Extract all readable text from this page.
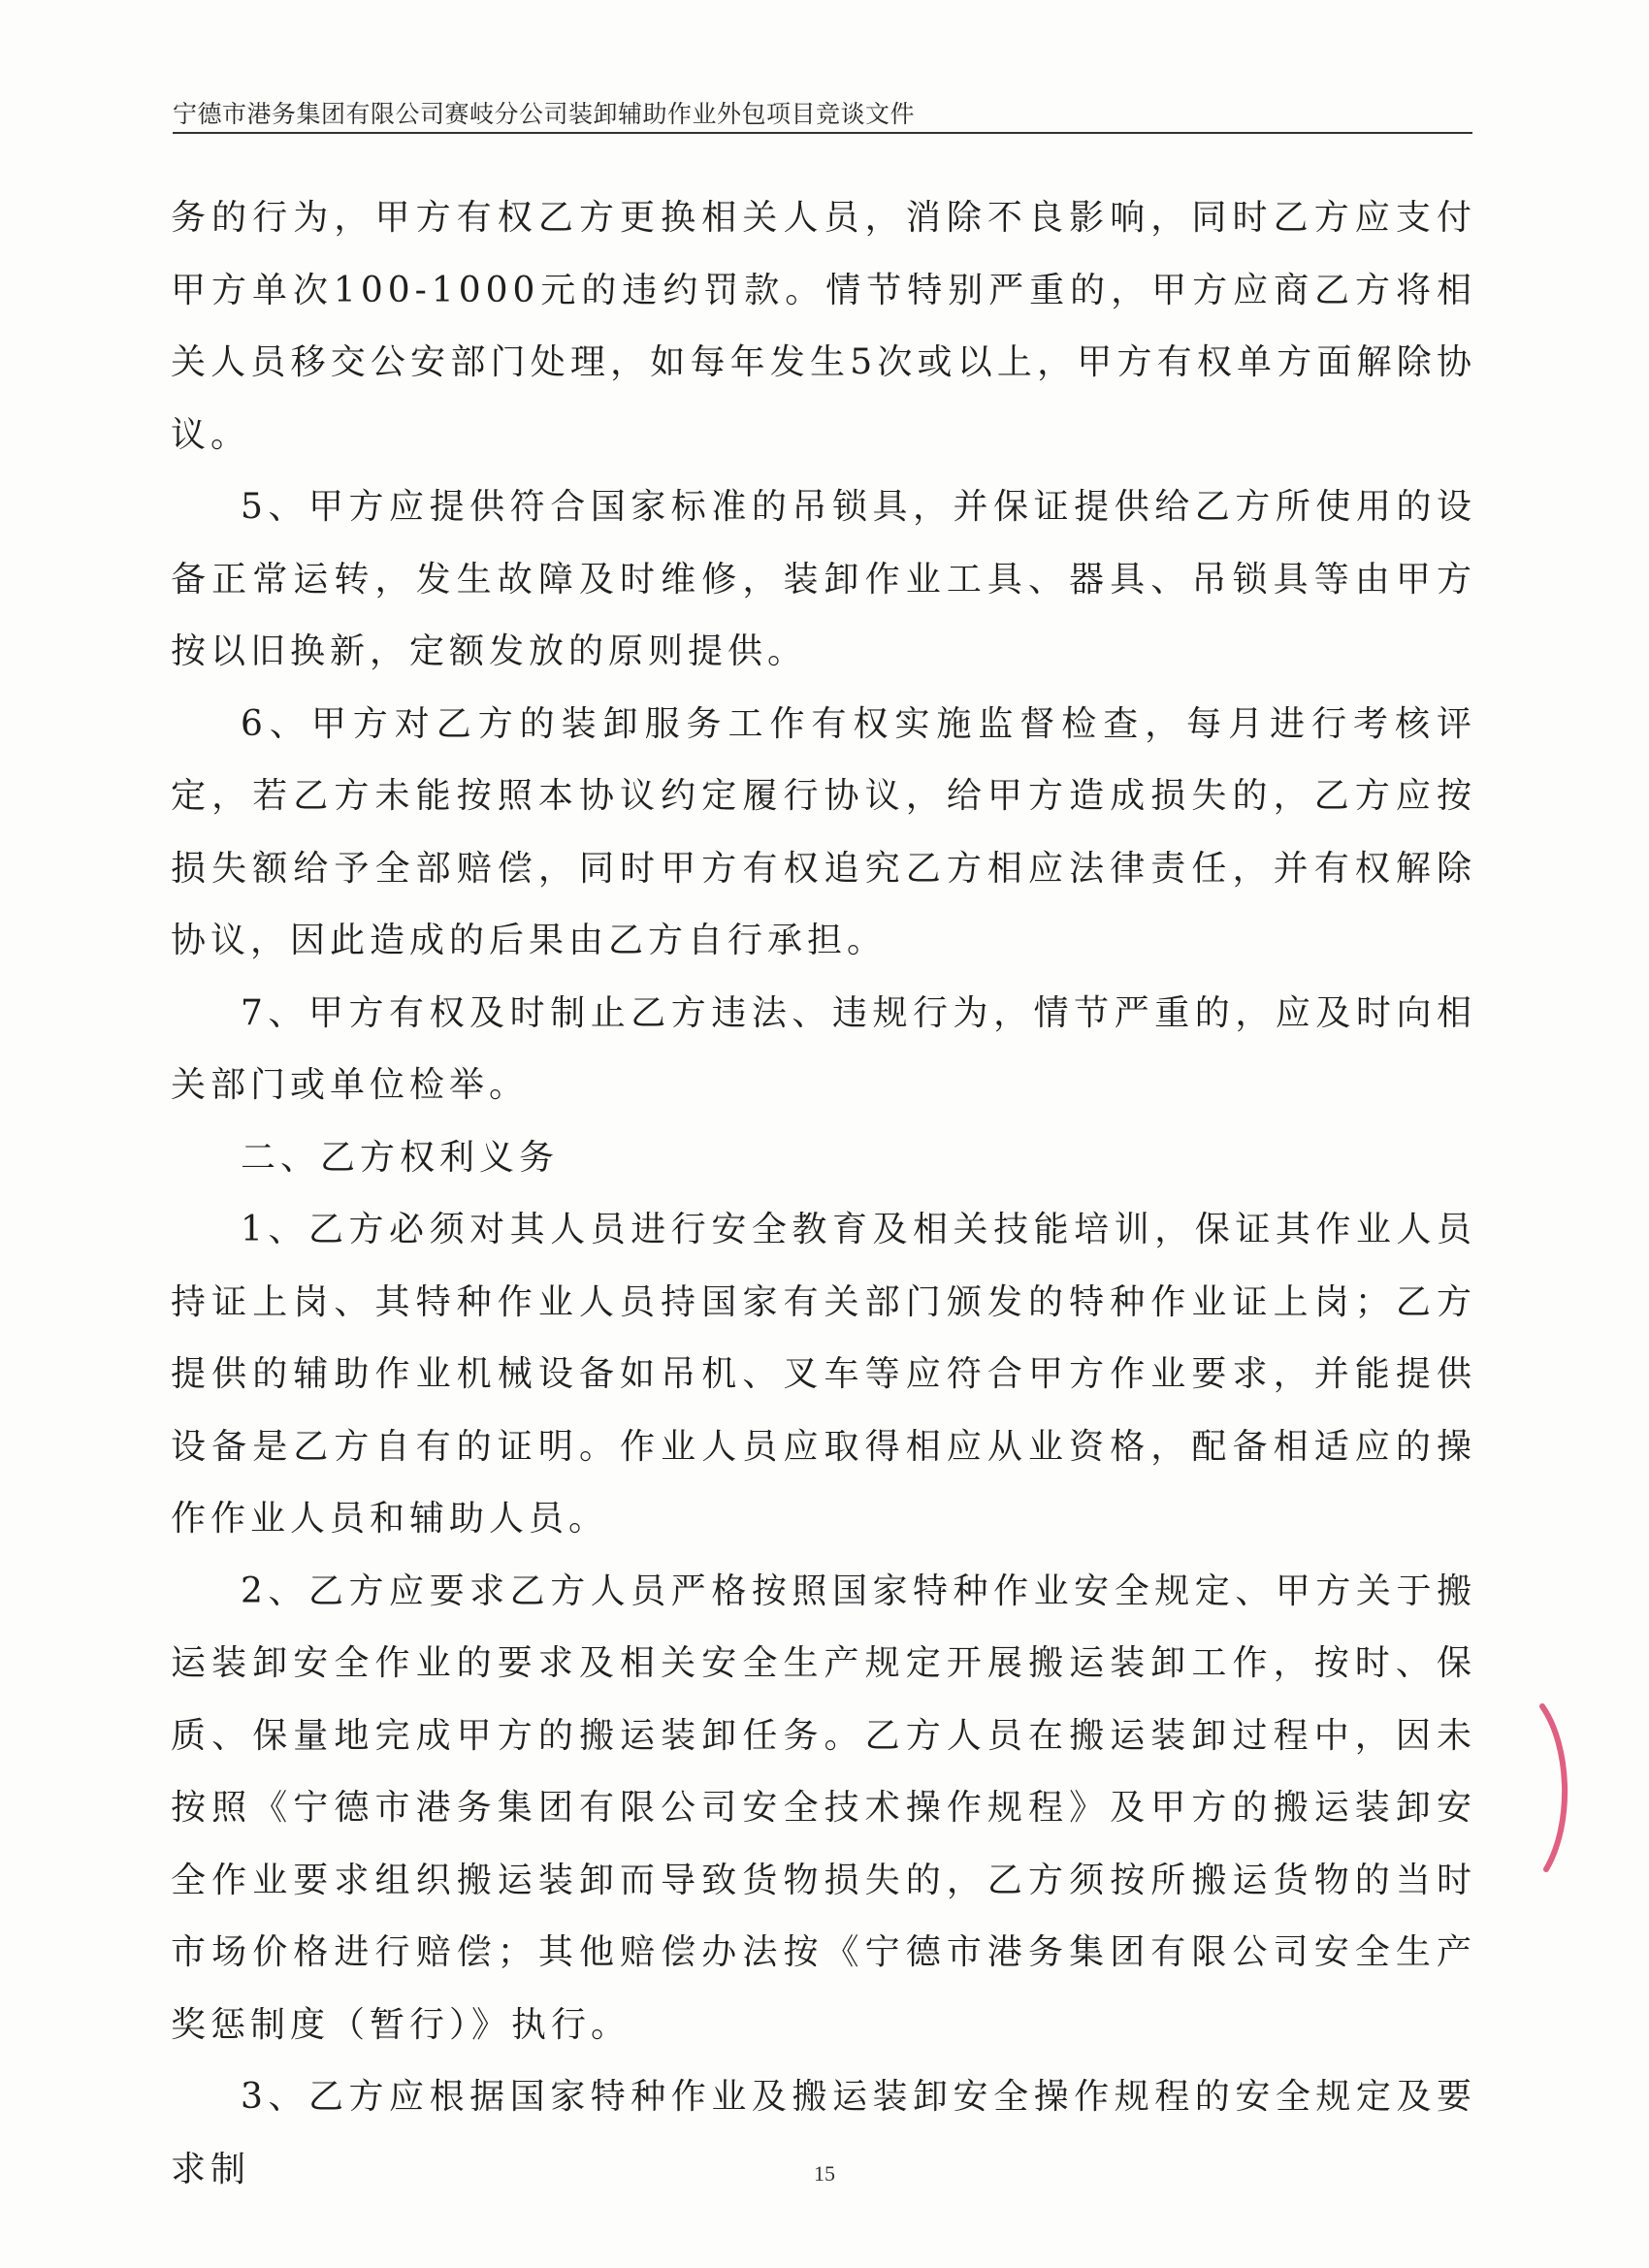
宁德市港务集团有限公司赛岐分公司装卸辅助作业外包项目竞谈文件

务的行为，甲方有权乙方更换相关人员，消除不良影响，同时乙方应支付甲方单次100-1000元的违约罚款。情节特别严重的，甲方应商乙方将相关人员移交公安部门处理，如每年发生5次或以上，甲方有权单方面解除协议。

5、甲方应提供符合国家标准的吊锁具，并保证提供给乙方所使用的设备正常运转，发生故障及时维修，装卸作业工具、器具、吊锁具等由甲方按以旧换新，定额发放的原则提供。

6、甲方对乙方的装卸服务工作有权实施监督检查，每月进行考核评定，若乙方未能按照本协议约定履行协议，给甲方造成损失的，乙方应按损失额给予全部赔偿，同时甲方有权追究乙方相应法律责任，并有权解除协议，因此造成的后果由乙方自行承担。

7、甲方有权及时制止乙方违法、违规行为，情节严重的，应及时向相关部门或单位检举。

二、乙方权利义务

1、乙方必须对其人员进行安全教育及相关技能培训，保证其作业人员持证上岗、其特种作业人员持国家有关部门颁发的特种作业证上岗；乙方提供的辅助作业机械设备如吊机、叉车等应符合甲方作业要求，并能提供设备是乙方自有的证明。作业人员应取得相应从业资格，配备相适应的操作作业人员和辅助人员。

2、乙方应要求乙方人员严格按照国家特种作业安全规定、甲方关于搬运装卸安全作业的要求及相关安全生产规定开展搬运装卸工作，按时、保质、保量地完成甲方的搬运装卸任务。乙方人员在搬运装卸过程中，因未按照《宁德市港务集团有限公司安全技术操作规程》及甲方的搬运装卸安全作业要求组织搬运装卸而导致货物损失的，乙方须按所搬运货物的当时市场价格进行赔偿；其他赔偿办法按《宁德市港务集团有限公司安全生产奖惩制度（暂行）》执行。

3、乙方应根据国家特种作业及搬运装卸安全操作规程的安全规定及要求制	15
